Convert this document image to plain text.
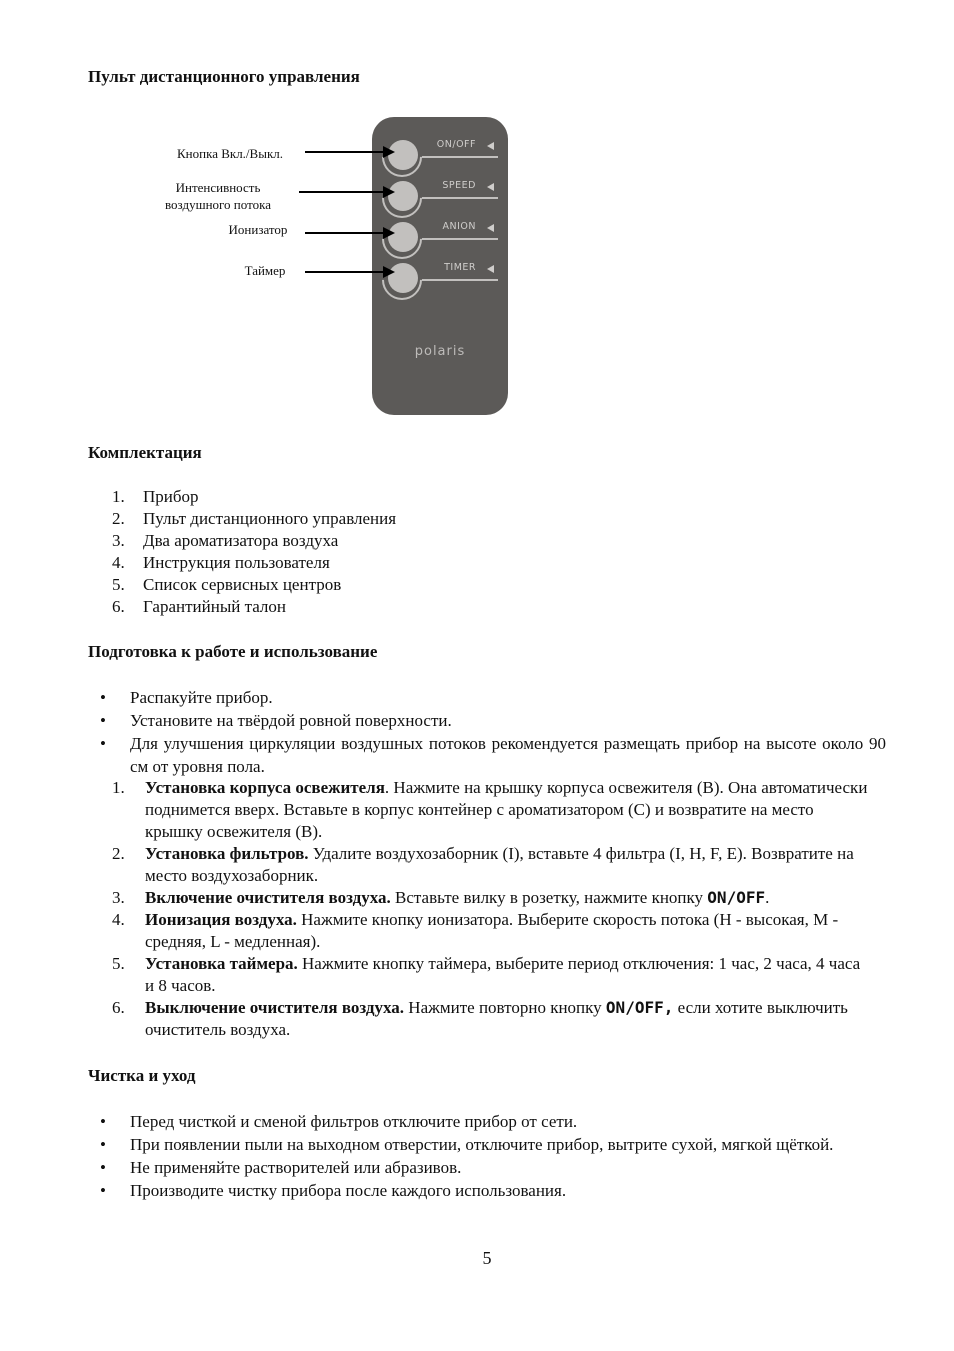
Пульт дистанционного управления
Кнопка Вкл./Выкл.
Интенсивность
воздушного потока
Ионизатор
Таймер
ON/OFF
SPEED
ANION
TIMER
polaris
Комплектация
1.	Прибор
2.	Пульт дистанционного управления
3.	Два ароматизатора воздуха
4.	Инструкция пользователя
5.	Список сервисных центров
6.	Гарантийный талон
Подготовка к работе и использование
•	Распакуйте прибор.
•	Установите на твёрдой ровной поверхности.
•	Для улучшения циркуляции воздушных потоков рекомендуется размещать прибор на высоте около 90 см от уровня пола.
1.	Установка корпуса освежителя. Нажмите на крышку корпуса освежителя (B). Она автоматически поднимется вверх. Вставьте в корпус контейнер с ароматизатором (C) и возвратите на место крышку освежителя (B).
2.	Установка фильтров. Удалите воздухозаборник (I), вставьте 4 фильтра (I, H, F, E). Возвратите на место воздухозаборник.
3.	Включение очистителя воздуха. Вставьте вилку в розетку, нажмите кнопку ON/OFF.
4.	Ионизация воздуха. Нажмите кнопку ионизатора. Выберите скорость потока (H - высокая, M - средняя, L - медленная).
5.	Установка таймера. Нажмите кнопку таймера, выберите период отключения: 1 час, 2 часа, 4 часа и 8 часов.
6.	Выключение очистителя воздуха. Нажмите повторно кнопку ON/OFF, если хотите выключить очиститель воздуха.
Чистка и уход
•	Перед чисткой и сменой фильтров отключите прибор от сети.
•	При появлении пыли на выходном отверстии, отключите прибор, вытрите сухой, мягкой щёткой.
•	Не применяйте растворителей или абразивов.
•	Производите чистку прибора после каждого использования.
5
